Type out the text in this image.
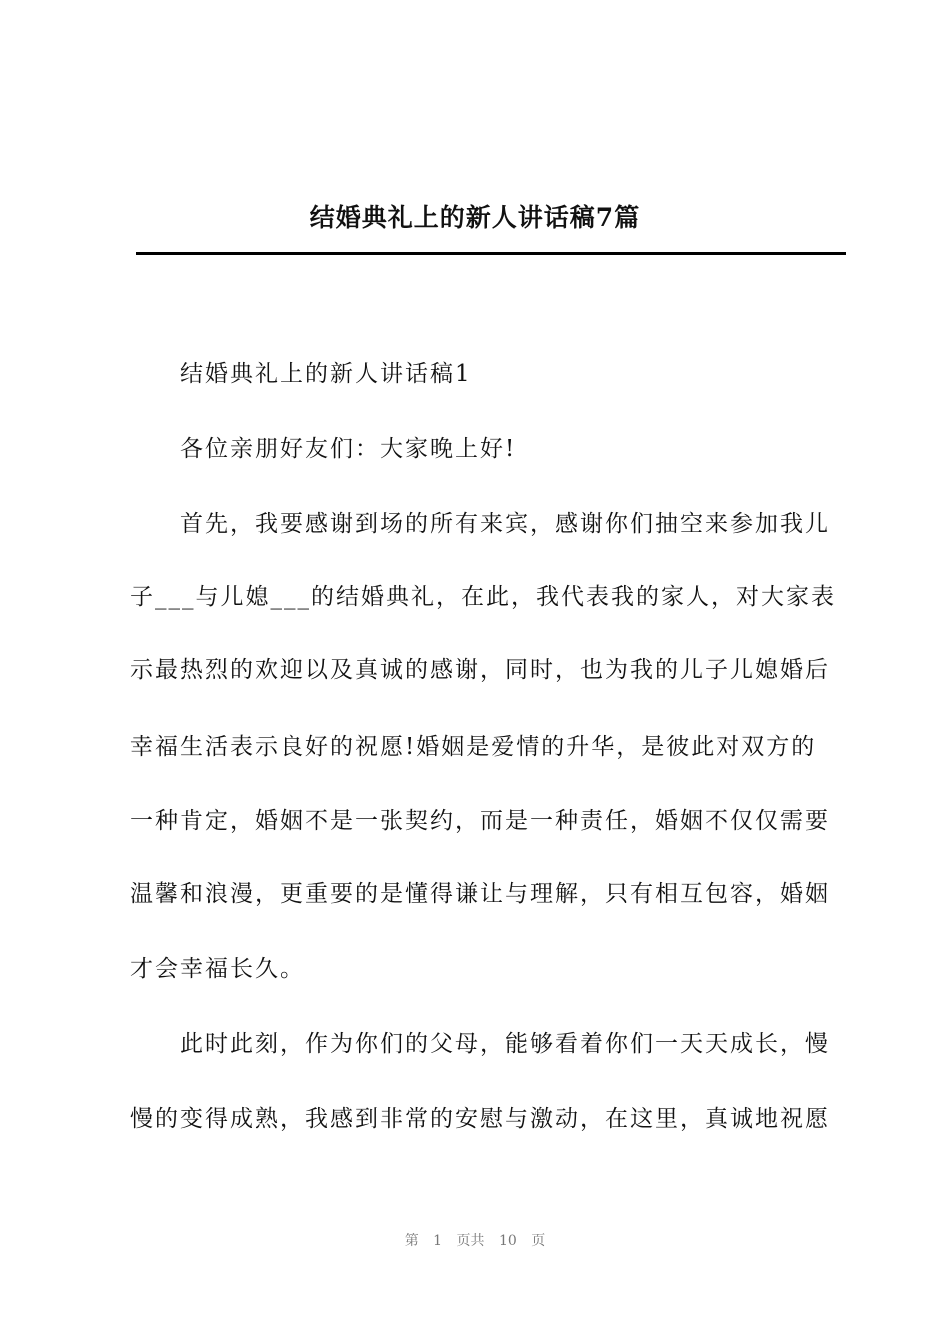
结婚典礼上的新人讲话稿7篇
结婚典礼上的新人讲话稿1
各位亲朋好友们：大家晚上好!
首先，我要感谢到场的所有来宾，感谢你们抽空来参加我儿
子___与儿媳___的结婚典礼，在此，我代表我的家人，对大家表
示最热烈的欢迎以及真诚的感谢，同时，也为我的儿子儿媳婚后
幸福生活表示良好的祝愿!婚姻是爱情的升华，是彼此对双方的
一种肯定，婚姻不是一张契约，而是一种责任，婚姻不仅仅需要
温馨和浪漫，更重要的是懂得谦让与理解，只有相互包容，婚姻
才会幸福长久。
此时此刻，作为你们的父母，能够看着你们一天天成长，慢
慢的变得成熟，我感到非常的安慰与激动，在这里，真诚地祝愿
第 1 页共 10 页
